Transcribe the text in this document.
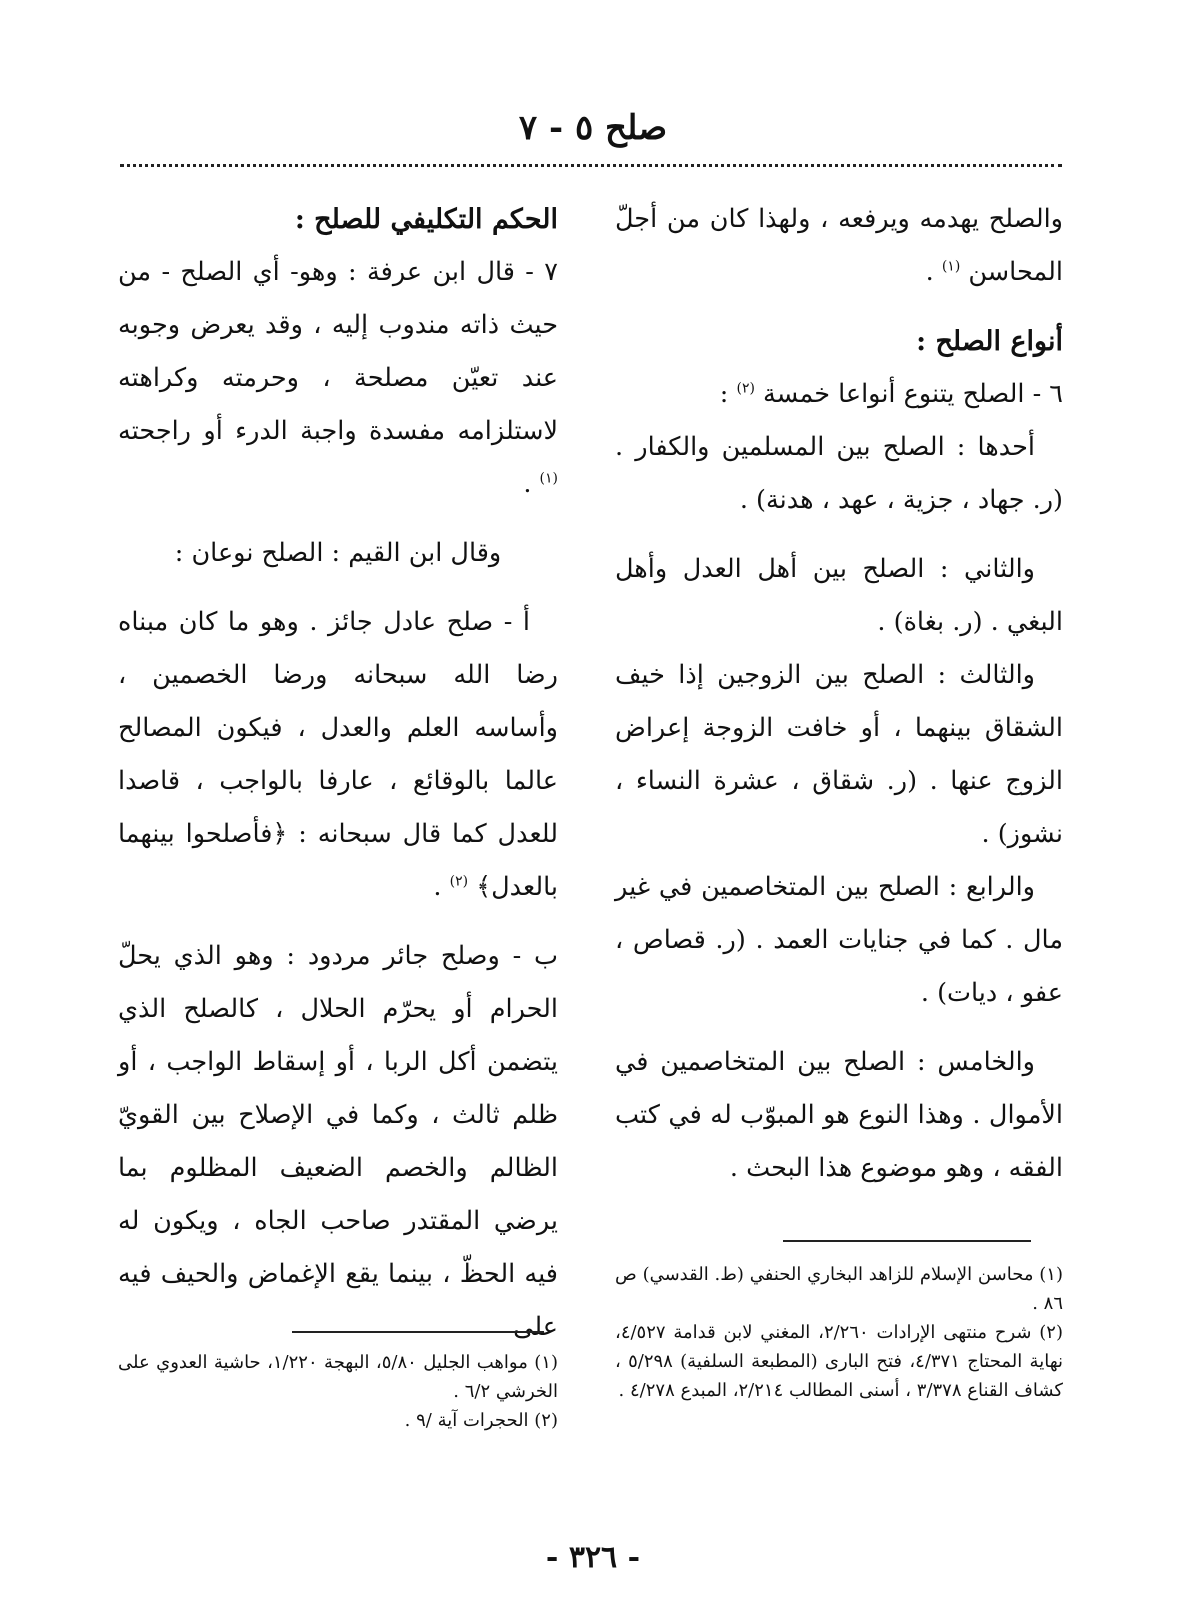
صلح ٥ - ٧

والصلح يهدمه ويرفعه ، ولهذا كان من أجلّ المحاسن $^{(١)}$ .

أنواع الصلح :

٦ - الصلح يتنوع أنواعا خمسة $^{(٢)}$ :

أحدها : الصلح بين المسلمين والكفار . (ر. جهاد ، جزية ، عهد ، هدنة) .

والثاني : الصلح بين أهل العدل وأهل البغي . (ر. بغاة) .

والثالث : الصلح بين الزوجين إذا خيف الشقاق بينهما ، أو خافت الزوجة إعراض الزوج عنها . (ر. شقاق ، عشرة النساء ، نشوز) .

والرابع : الصلح بين المتخاصمين في غير مال . كما في جنايات العمد . (ر. قصاص ، عفو ، ديات) .

والخامس : الصلح بين المتخاصمين في الأموال . وهذا النوع هو المبوّب له في كتب الفقه ، وهو موضوع هذا البحث .

الحكم التكليفي للصلح :

٧ - قال ابن عرفة : وهو- أي الصلح - من حيث ذاته مندوب إليه ، وقد يعرض وجوبه عند تعيّن مصلحة ، وحرمته وكراهته لاستلزامه مفسدة واجبة الدرء أو راجحته $^{(١)}$ .

وقال ابن القيم : الصلح نوعان :

أ - صلح عادل جائز . وهو ما كان مبناه رضا الله سبحانه ورضا الخصمين ، وأساسه العلم والعدل ، فيكون المصالح عالما بالوقائع ، عارفا بالواجب ، قاصدا للعدل كما قال سبحانه : ﴿فأصلحوا بينهما بالعدل﴾ $^{(٢)}$ .

ب - وصلح جائر مردود : وهو الذي يحلّ الحرام أو يحرّم الحلال ، كالصلح الذي يتضمن أكل الربا ، أو إسقاط الواجب ، أو ظلم ثالث ، وكما في الإصلاح بين القويّ الظالم والخصم الضعيف المظلوم بما يرضي المقتدر صاحب الجاه ، ويكون له فيه الحظّ ، بينما يقع الإغماض والحيف فيه على

(١) محاسن الإسلام للزاهد البخاري الحنفي (ط. القدسي) ص ٨٦ .

(٢) شرح منتهى الإرادات ٢/٢٦٠، المغني لابن قدامة ٤/٥٢٧، نهاية المحتاج ٤/٣٧١، فتح البارى (المطبعة السلفية) ٥/٢٩٨ ، كشاف القناع ٣/٣٧٨ ، أسنى المطالب ٢/٢١٤، المبدع ٤/٢٧٨ .

(١) مواهب الجليل ٥/٨٠، البهجة ١/٢٢٠، حاشية العدوي على الخرشي ٦/٢ .

(٢) الحجرات آية /٩ .

- ٣٢٦ -
